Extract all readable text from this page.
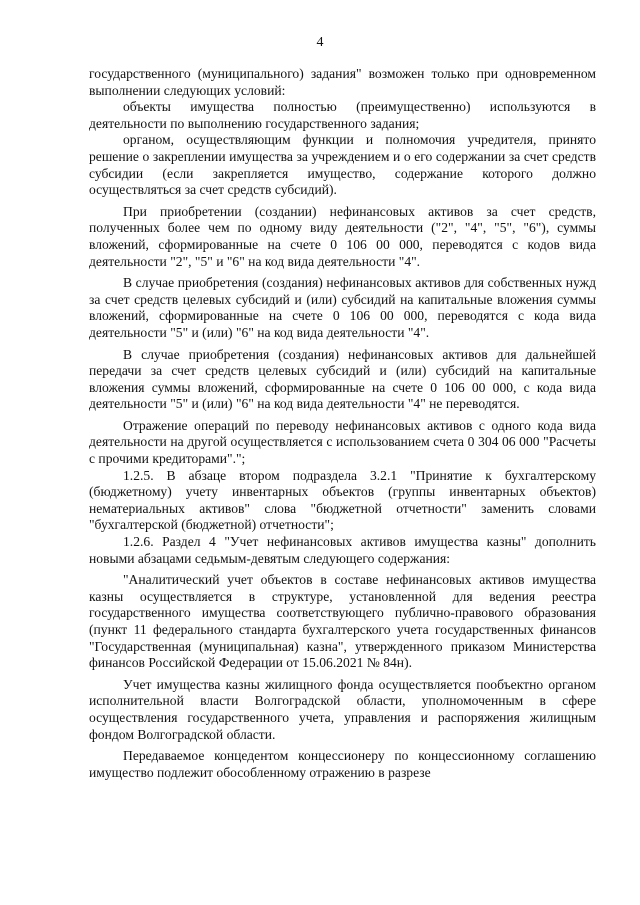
4

государственного (муниципального) задания" возможен только при одновременном выполнении следующих условий:

объекты имущества полностью (преимущественно) используются в деятельности по выполнению государственного задания;

органом, осуществляющим функции и полномочия учредителя, принято решение о закреплении имущества за учреждением и о его содержании за счет средств субсидии (если закрепляется имущество, содержание которого должно осуществляться за счет средств субсидий).

При приобретении (создании) нефинансовых активов за счет средств, полученных более чем по одному виду деятельности ("2", "4", "5", "6"), суммы вложений, сформированные на счете 0 106 00 000, переводятся с кодов вида деятельности "2", "5" и "6" на код вида деятельности "4".

В случае приобретения (создания) нефинансовых активов для собственных нужд за счет средств целевых субсидий и (или) субсидий на капитальные вложения суммы вложений, сформированные на счете 0 106 00 000, переводятся с кода вида деятельности "5" и (или) "6" на код вида деятельности "4".

В случае приобретения (создания) нефинансовых активов для дальнейшей передачи за счет средств целевых субсидий и (или) субсидий на капитальные вложения суммы вложений, сформированные на счете 0 106 00 000, с кода вида деятельности "5" и (или) "6" на код вида деятельности "4" не переводятся.

Отражение операций по переводу нефинансовых активов с одного кода вида деятельности на другой осуществляется с использованием счета 0 304 06 000 "Расчеты с прочими кредиторами".";

1.2.5. В абзаце втором подраздела 3.2.1 "Принятие к бухгалтерскому (бюджетному) учету инвентарных объектов (группы инвентарных объектов) нематериальных активов" слова "бюджетной отчетности" заменить словами "бухгалтерской (бюджетной) отчетности";

1.2.6. Раздел 4 "Учет нефинансовых активов имущества казны" дополнить новыми абзацами седьмым-девятым следующего содержания:

"Аналитический учет объектов в составе нефинансовых активов имущества казны осуществляется в структуре, установленной для ведения реестра государственного имущества соответствующего публично-правового образования (пункт 11 федерального стандарта бухгалтерского учета государственных финансов "Государственная (муниципальная) казна", утвержденного приказом Министерства финансов Российской Федерации от 15.06.2021 № 84н).

Учет имущества казны жилищного фонда осуществляется пообъектно органом исполнительной власти Волгоградской области, уполномоченным в сфере осуществления государственного учета, управления и распоряжения жилищным фондом Волгоградской области.

Передаваемое концедентом концессионеру по концессионному соглашению имущество подлежит обособленному отражению в разрезе
